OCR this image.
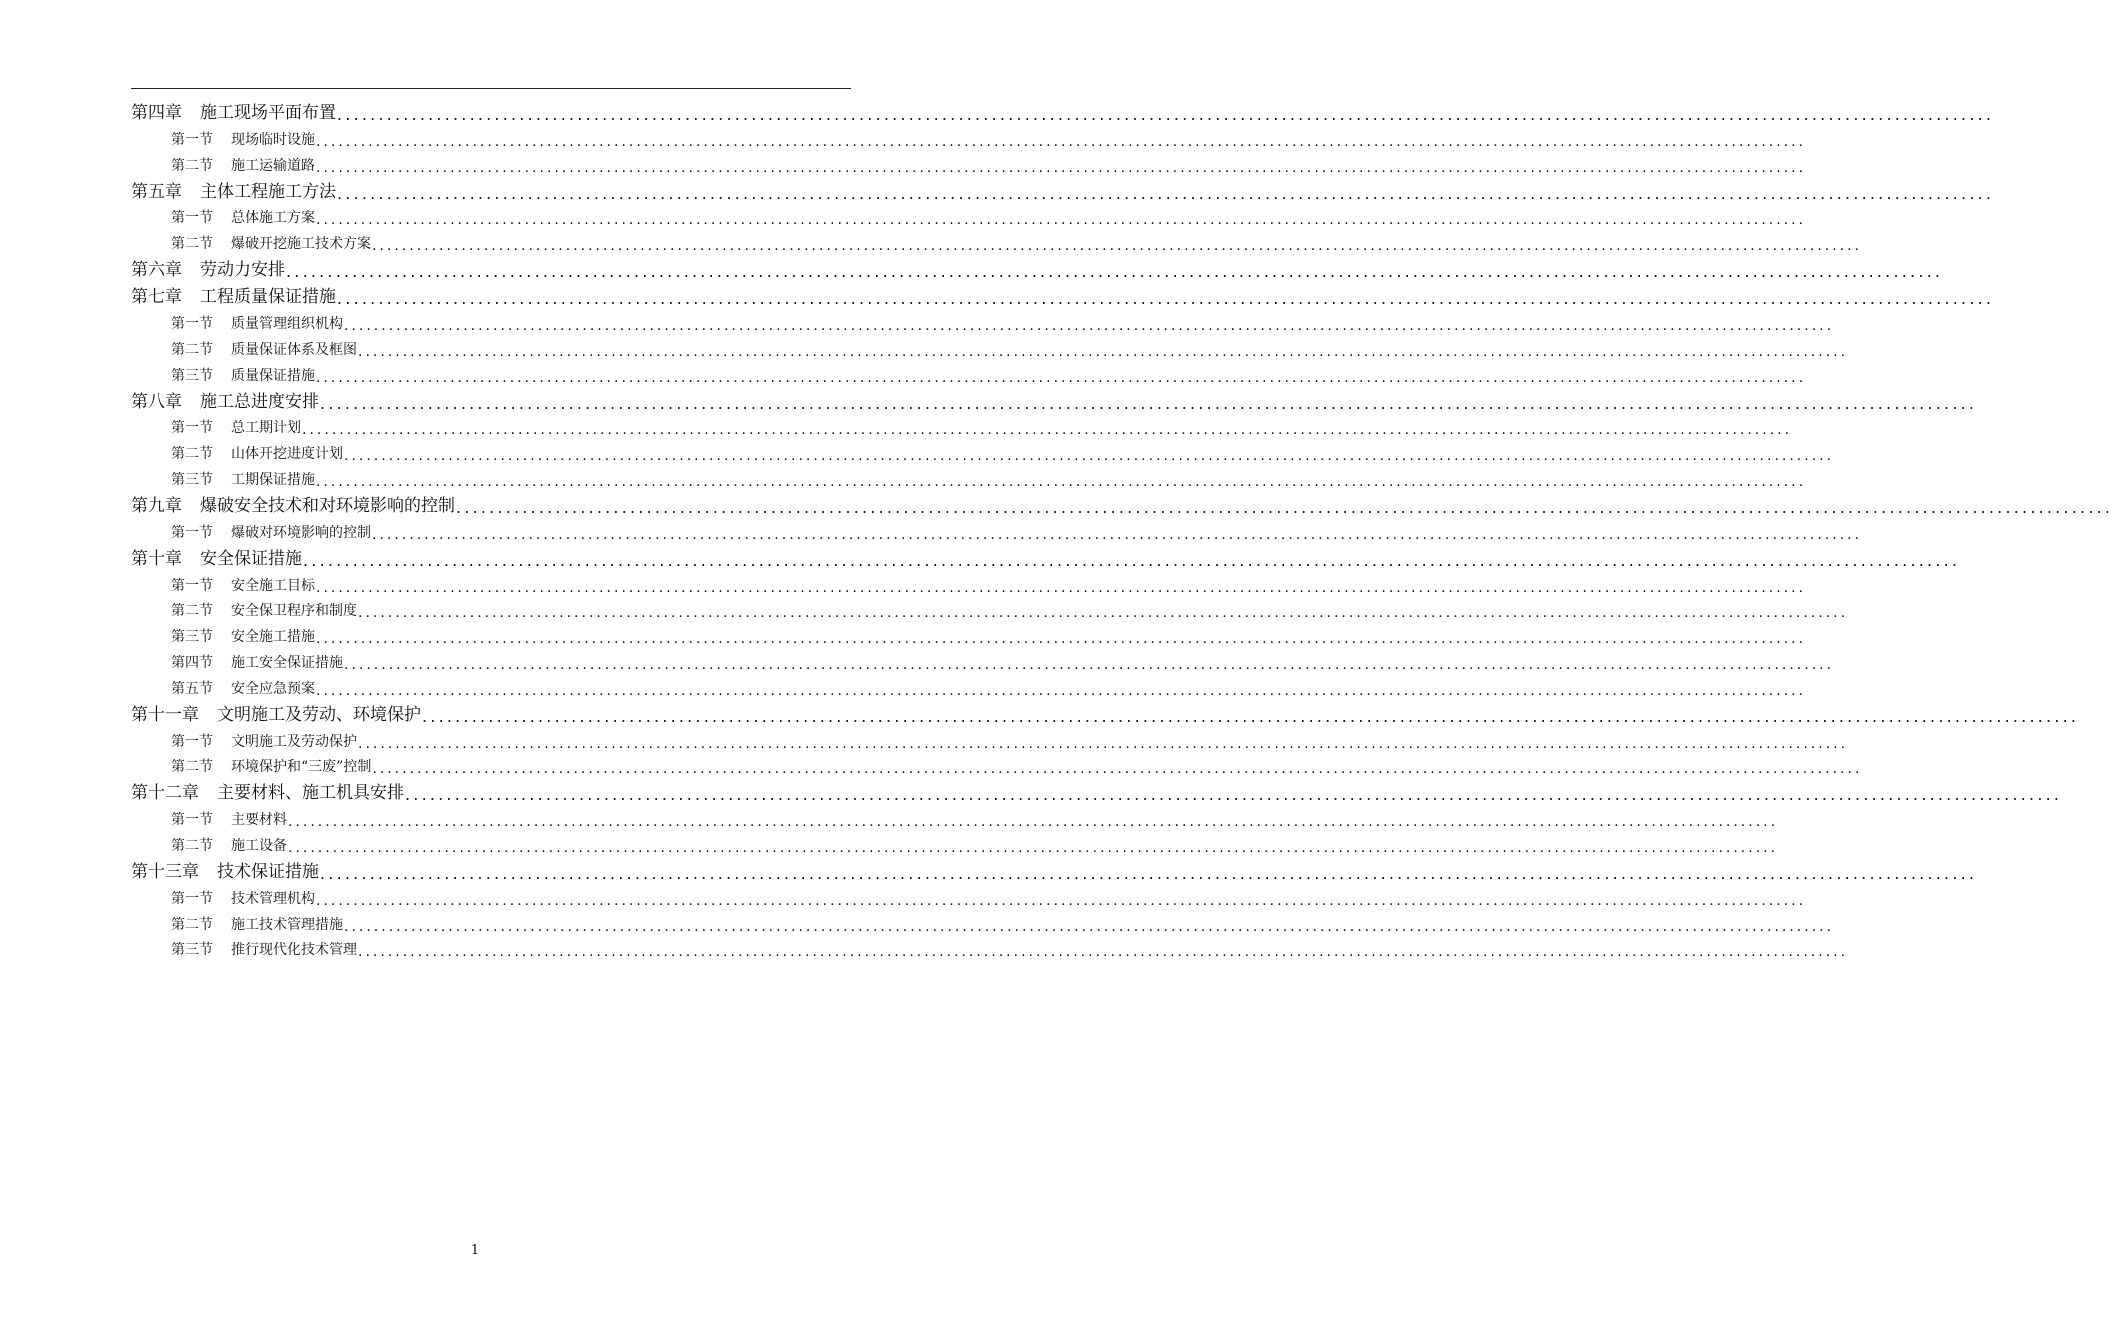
第四章 施工现场平面布置 ........................................................................................................................................................................................................
第一节 现场临时设施 ........................................................................................................................................................................................................
第二节 施工运输道路 ........................................................................................................................................................................................................
第五章 主体工程施工方法 ........................................................................................................................................................................................................
第一节 总体施工方案 ........................................................................................................................................................................................................
第二节 爆破开挖施工技术方案 ........................................................................................................................................................................................................
第六章 劳动力安排 ........................................................................................................................................................................................................
第七章 工程质量保证措施 ........................................................................................................................................................................................................
第一节 质量管理组织机构 ........................................................................................................................................................................................................
第二节 质量保证体系及框图 ........................................................................................................................................................................................................
第三节 质量保证措施 ........................................................................................................................................................................................................
第八章 施工总进度安排 ........................................................................................................................................................................................................
第一节 总工期计划 ........................................................................................................................................................................................................
第二节 山体开挖进度计划 ........................................................................................................................................................................................................
第三节 工期保证措施 ........................................................................................................................................................................................................
第九章 爆破安全技术和对环境影响的控制 ........................................................................................................................................................................................................
第一节 爆破对环境影响的控制 ........................................................................................................................................................................................................
第十章 安全保证措施 ........................................................................................................................................................................................................
第一节 安全施工目标 ........................................................................................................................................................................................................
第二节 安全保卫程序和制度 ........................................................................................................................................................................................................
第三节 安全施工措施 ........................................................................................................................................................................................................
第四节 施工安全保证措施 ........................................................................................................................................................................................................
第五节 安全应急预案 ........................................................................................................................................................................................................
第十一章 文明施工及劳动、环境保护 ........................................................................................................................................................................................................
第一节 文明施工及劳动保护 ........................................................................................................................................................................................................
第二节 环境保护和“三废”控制 ........................................................................................................................................................................................................
第十二章 主要材料、施工机具安排 ........................................................................................................................................................................................................
第一节 主要材料 ........................................................................................................................................................................................................
第二节 施工设备 ........................................................................................................................................................................................................
第十三章 技术保证措施 ........................................................................................................................................................................................................
第一节 技术管理机构 ........................................................................................................................................................................................................
第二节 施工技术管理措施 ........................................................................................................................................................................................................
第三节 推行现代化技术管理 ........................................................................................................................................................................................................
1
